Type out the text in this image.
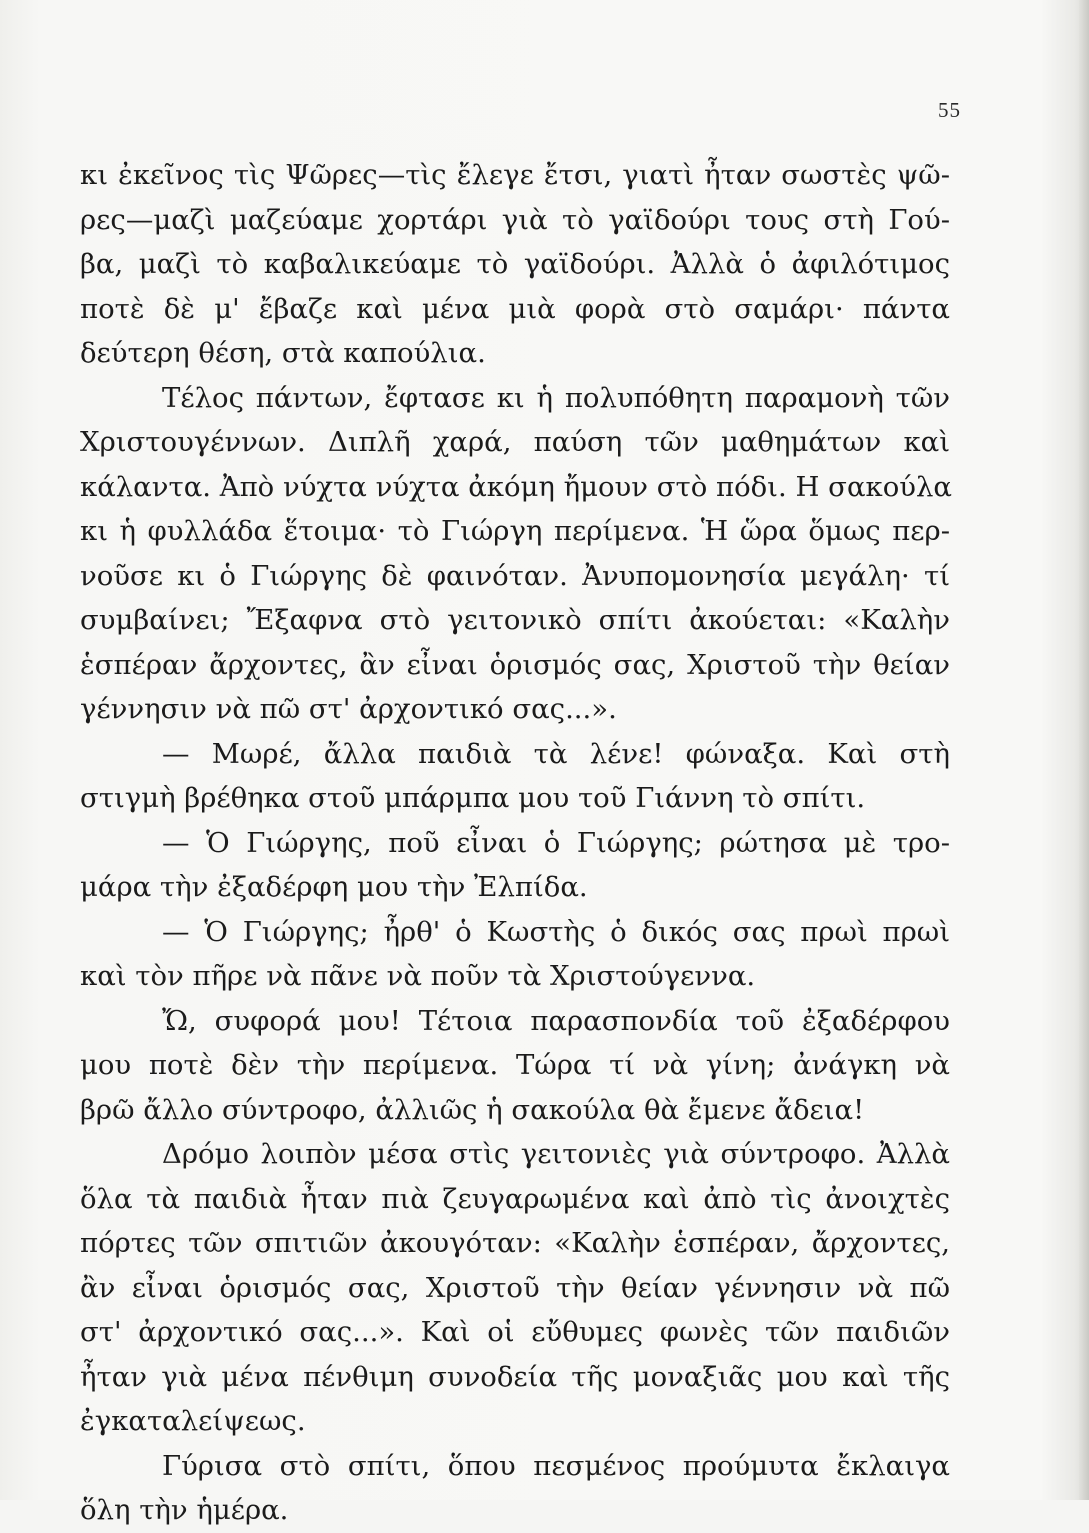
55
κι ἐκεῖνος τὶς Ψῶρες—τὶς ἔλεγε ἔτσι, γιατὶ ἦταν σωστὲς ψῶ-
ρες—μαζὶ μαζεύαμε χορτάρι γιὰ τὸ γαϊδούρι τους στὴ Γού-
βα, μαζὶ τὸ καβαλικεύαμε τὸ γαϊδούρι. Ἀλλὰ ὁ ἀφιλότιμος
ποτὲ δὲ μ' ἔβαζε καὶ μένα μιὰ φορὰ στὸ σαμάρι· πάντα
δεύτερη θέση, στὰ καπούλια.
Τέλος πάντων, ἔφτασε κι ἡ πολυπόθητη παραμονὴ τῶν
Χριστουγέννων. Διπλῆ χαρά, παύση τῶν μαθημάτων καὶ
κάλαντα. Ἀπὸ νύχτα νύχτα ἀκόμη ἤμουν στὸ πόδι. Η σακούλα
κι ἡ φυλλάδα ἕτοιμα· τὸ Γιώργη περίμενα. Ἡ ὥρα ὅμως περ-
νοῦσε κι ὁ Γιώργης δὲ φαινόταν. Ἀνυπομονησία μεγάλη· τί
συμβαίνει; Ἔξαφνα στὸ γειτονικὸ σπίτι ἀκούεται: «Καλὴν
ἑσπέραν ἄρχοντες, ἂν εἶναι ὁρισμός σας, Χριστοῦ τὴν θείαν
γέννησιν νὰ πῶ στ' ἀρχοντικό σας...».
— Μωρέ, ἄλλα παιδιὰ τὰ λένε! φώναξα. Καὶ στὴ
στιγμὴ βρέθηκα στοῦ μπάρμπα μου τοῦ Γιάννη τὸ σπίτι.
— Ὁ Γιώργης, ποῦ εἶναι ὁ Γιώργης; ρώτησα μὲ τρο-
μάρα τὴν ἐξαδέρφη μου τὴν Ἐλπίδα.
— Ὁ Γιώργης; ἦρθ' ὁ Κωστὴς ὁ δικός σας πρωὶ πρωὶ
καὶ τὸν πῆρε νὰ πᾶνε νὰ ποῦν τὰ Χριστούγεννα.
Ὤ, συφορά μου! Τέτοια παρασπονδία τοῦ ἐξαδέρφου
μου ποτὲ δὲν τὴν περίμενα. Τώρα τί νὰ γίνη; ἀνάγκη νὰ
βρῶ ἄλλο σύντροφο, ἀλλιῶς ἡ σακούλα θὰ ἔμενε ἄδεια!
Δρόμο λοιπὸν μέσα στὶς γειτονιὲς γιὰ σύντροφο. Ἀλλὰ
ὅλα τὰ παιδιὰ ἦταν πιὰ ζευγαρωμένα καὶ ἀπὸ τὶς ἀνοιχτὲς
πόρτες τῶν σπιτιῶν ἀκουγόταν: «Καλὴν ἑσπέραν, ἄρχοντες,
ἂν εἶναι ὁρισμός σας, Χριστοῦ τὴν θείαν γέννησιν νὰ πῶ
στ' ἀρχοντικό σας...». Καὶ οἱ εὔθυμες φωνὲς τῶν παιδιῶν
ἦταν γιὰ μένα πένθιμη συνοδεία τῆς μοναξιᾶς μου καὶ τῆς
ἐγκαταλείψεως.
Γύρισα στὸ σπίτι, ὅπου πεσμένος προύμυτα ἔκλαιγα
ὅλη τὴν ἡμέρα.
